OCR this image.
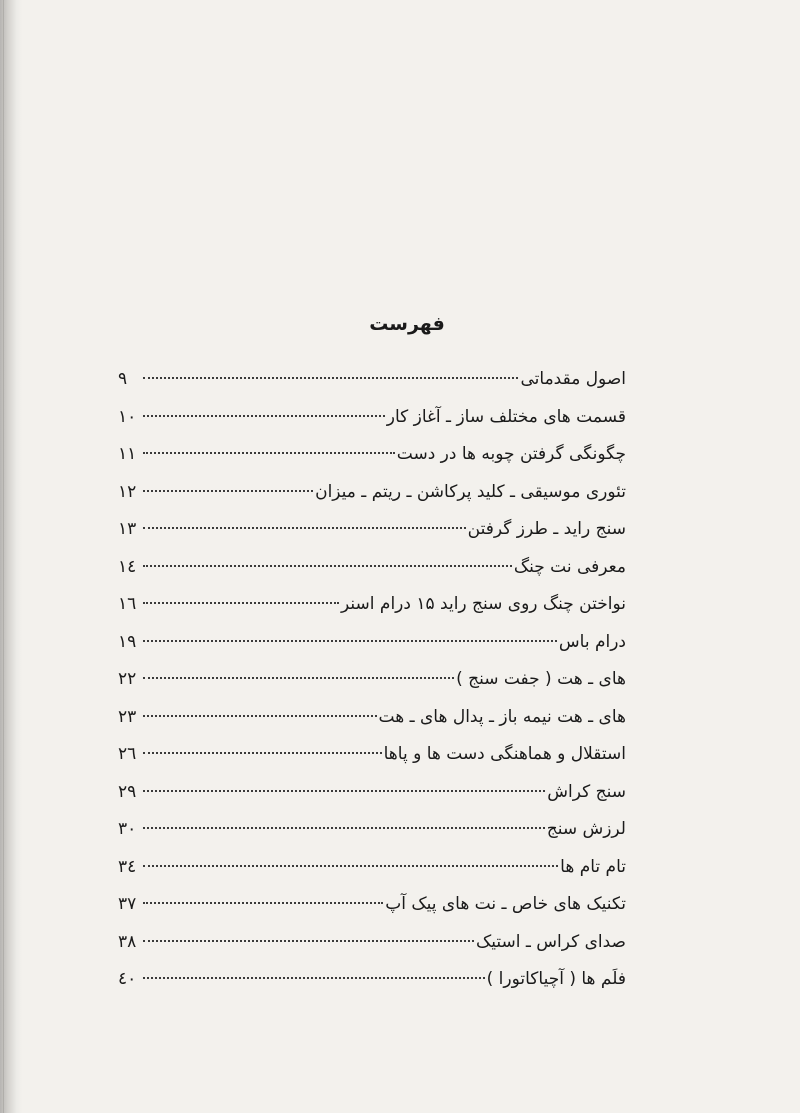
فهرست
اصول مقدماتی
۹
قسمت های مختلف ساز ـ آغاز کار
۱۰
چگونگی گرفتن چوبه ها در دست
۱۱
تئوری موسیقی ـ کلید پرکاشن ـ ریتم ـ میزان
۱۲
سنج راید ـ طرز گرفتن
۱۳
معرفی نت چنگ
۱٤
نواختن چنگ روی سنج راید ۱۵ درام اسنر
۱٦
درام باس
۱۹
های ـ هت ( جفت سنج )
۲۲
های ـ هت نیمه باز ـ پدال های ـ هت
۲۳
استقلال و هماهنگی دست ها و پاها
۲٦
سنج کراش
۲۹
لرزش سنج
۳۰
تام تام ها
۳٤
تکنیک های خاص ـ نت های پیک آپ
۳۷
صدای کراس ـ استیک
۳۸
فلَم ها ( آچیاکاتورا )
٤۰
